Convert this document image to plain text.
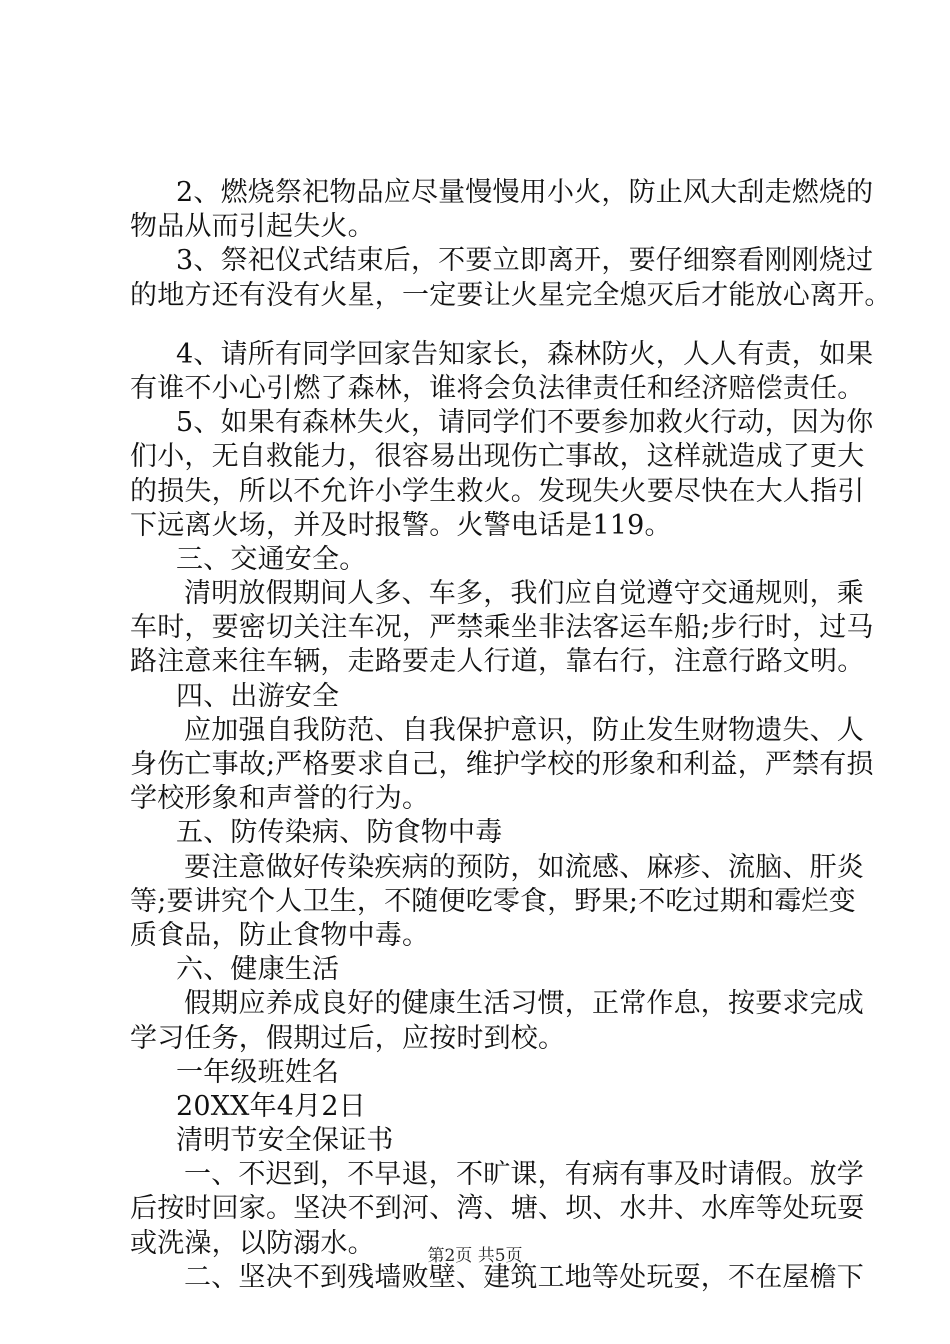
2、燃烧祭祀物品应尽量慢慢用小火，防止风大刮走燃烧的
物品从而引起失火。
3、祭祀仪式结束后，不要立即离开，要仔细察看刚刚烧过
的地方还有没有火星，一定要让火星完全熄灭后才能放心离开。
4、请所有同学回家告知家长，森林防火，人人有责，如果
有谁不小心引燃了森林，谁将会负法律责任和经济赔偿责任。
5、如果有森林失火，请同学们不要参加救火行动，因为你
们小，无自救能力，很容易出现伤亡事故，这样就造成了更大
的损失，所以不允许小学生救火。发现失火要尽快在大人指引
下远离火场，并及时报警。火警电话是119。
三、交通安全。
清明放假期间人多、车多，我们应自觉遵守交通规则，乘
车时，要密切关注车况，严禁乘坐非法客运车船;步行时，过马
路注意来往车辆，走路要走人行道，靠右行，注意行路文明。
四、出游安全
应加强自我防范、自我保护意识，防止发生财物遗失、人
身伤亡事故;严格要求自己，维护学校的形象和利益，严禁有损
学校形象和声誉的行为。
五、防传染病、防食物中毒
要注意做好传染疾病的预防，如流感、麻疹、流脑、肝炎
等;要讲究个人卫生，不随便吃零食，野果;不吃过期和霉烂变
质食品，防止食物中毒。
六、健康生活
假期应养成良好的健康生活习惯，正常作息，按要求完成
学习任务，假期过后，应按时到校。
一年级班姓名
20XX年4月2日
清明节安全保证书
一、不迟到，不早退，不旷课，有病有事及时请假。放学
后按时回家。坚决不到河、湾、塘、坝、水井、水库等处玩耍
或洗澡，以防溺水。
二、坚决不到残墙败壁、建筑工地等处玩耍，不在屋檐下
第2页 共5页
